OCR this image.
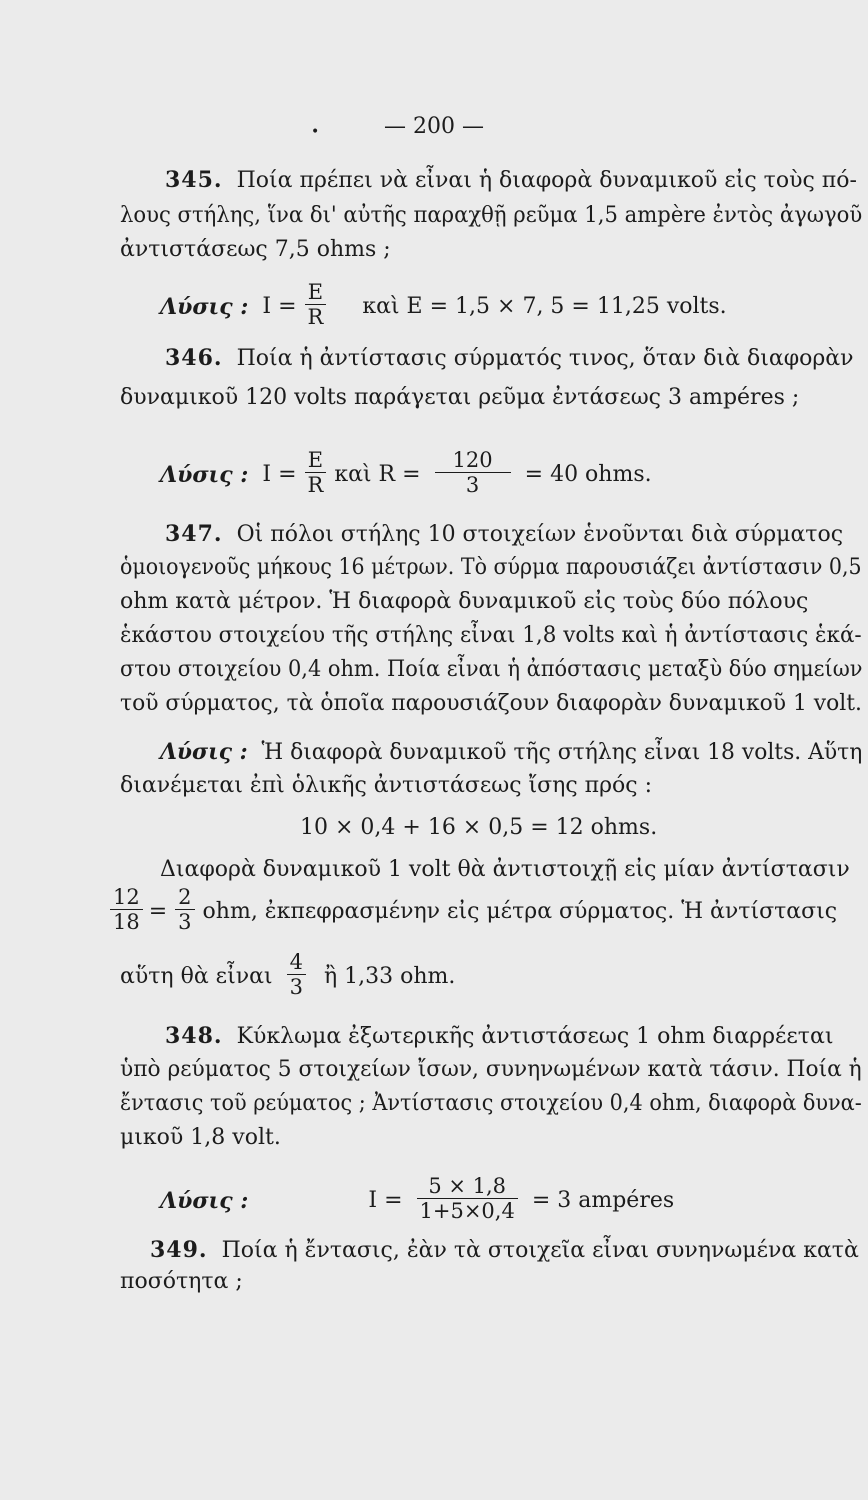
•	— 200 —
345. Ποία πρέπει νὰ εἶναι ἡ διαφορὰ δυναμικοῦ εἰς τοὺς πό-
λους στήλης, ἵνα δι' αὐτῆς παραχθῇ ρεῦμα 1,5 ampère ἐντὸς ἀγωγοῦ
ἀντιστάσεως 7,5 ohms ;
Λύσις : $I = \frac{E}{R}$ καὶ E = 1,5 × 7, 5 = 11,25 volts.
346. Ποία ἡ ἀντίστασις σύρματός τινος, ὅταν διὰ διαφορὰν
δυναμικοῦ 120 volts παράγεται ρεῦμα ἐντάσεως 3 ampéres ;
Λύσις : $I = \frac{E}{R}$ καὶ $R = \frac{120}{3} = 40$ ohms.
347. Οἱ πόλοι στήλης 10 στοιχείων ἑνοῦνται διὰ σύρματος
ὁμοιογενοῦς μήκους 16 μέτρων. Τὸ σύρμα παρουσιάζει ἀντίστασιν 0,5
ohm κατὰ μέτρον. Ἡ διαφορὰ δυναμικοῦ εἰς τοὺς δύο πόλους
ἑκάστου στοιχείου τῆς στήλης εἶναι 1,8 volts καὶ ἡ ἀντίστασις ἑκά-
στου στοιχείου 0,4 ohm. Ποία εἶναι ἡ ἀπόστασις μεταξὺ δύο σημείων
τοῦ σύρματος, τὰ ὁποῖα παρουσιάζουν διαφορὰν δυναμικοῦ 1 volt.
Λύσις : Ἡ διαφορὰ δυναμικοῦ τῆς στήλης εἶναι 18 volts. Αὕτη
διανέμεται ἐπὶ ὁλικῆς ἀντιστάσεως ἴσης πρός :
10 × 0,4 + 16 × 0,5 = 12 ohms.
Διαφορὰ δυναμικοῦ 1 volt θὰ ἀντιστοιχῇ εἰς μίαν ἀντίστασιν
$\frac{12}{18} = \frac{2}{3}$ ohm, ἐκπεφρασμένην εἰς μέτρα σύρματος. Ἡ ἀντίστασις
αὕτη θὰ εἶναι $\frac{4}{3}$ ἢ 1,33 ohm.
348. Κύκλωμα ἐξωτερικῆς ἀντιστάσεως 1 ohm διαρρέεται
ὑπὸ ρεύματος 5 στοιχείων ἴσων, συνηνωμένων κατὰ τάσιν. Ποία ἡ
ἔντασις τοῦ ρεύματος ; Ἀντίστασις στοιχείου 0,4 ohm, διαφορὰ δυνα-
μικοῦ 1,8 volt.
Λύσις :	$I = \frac{5 \times 1,8}{1+5\times 0,4} = 3$ ampéres
349. Ποία ἡ ἔντασις, ἐὰν τὰ στοιχεῖα εἶναι συνηνωμένα κατὰ
ποσότητα ;
